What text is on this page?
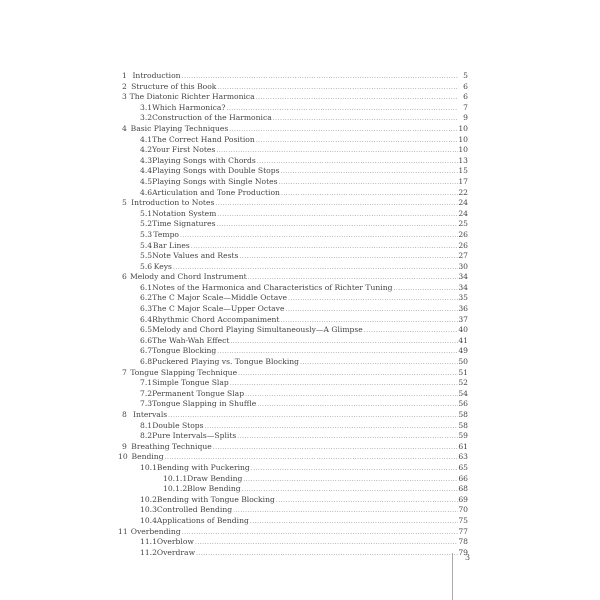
1 Introduction .....	5
2 Structure of this Book .....	6
3 The Diatonic Richter Harmonica .....	6
3.1 Which Harmonica? .....	7
3.2 Construction of the Harmonica .....	9
4 Basic Playing Techniques .....	10
4.1 The Correct Hand Position .....	10
4.2 Your First Notes .....	10
4.3 Playing Songs with Chords .....	13
4.4 Playing Songs with Double Stops .....	15
4.5 Playing Songs with Single Notes .....	17
4.6 Articulation and Tone Production .....	22
5 Introduction to Notes .....	24
5.1 Notation System .....	24
5.2 Time Signatures .....	25
5.3 Tempo .....	26
5.4 Bar Lines .....	26
5.5 Note Values and Rests .....	27
5.6 Keys .....	30
6 Melody and Chord Instrument .....	34
6.1 Notes of the Harmonica and Characteristics of Richter Tuning .....	34
6.2 The C Major Scale—Middle Octave .....	35
6.3 The C Major Scale—Upper Octave .....	36
6.4 Rhythmic Chord Accompaniment .....	37
6.5 Melody and Chord Playing Simultaneously—A Glimpse .....	40
6.6 The Wah-Wah Effect .....	41
6.7 Tongue Blocking .....	49
6.8 Puckered Playing vs. Tongue Blocking .....	50
7 Tongue Slapping Technique .....	51
7.1 Simple Tongue Slap .....	52
7.2 Permanent Tongue Slap .....	54
7.3 Tongue Slapping in Shuffle .....	56
8 Intervals .....	58
8.1 Double Stops .....	58
8.2 Pure Intervals—Splits .....	59
9 Breathing Technique .....	61
10 Bending .....	63
10.1 Bending with Puckering .....	65
10.1.1 Draw Bending .....	66
10.1.2 Blow Bending .....	68
10.2 Bending with Tongue Blocking .....	69
10.3 Controlled Bending .....	70
10.4 Applications of Bending .....	75
11 Overbending .....	77
11.1 Overblow .....	78
11.2 Overdraw .....	79
3
